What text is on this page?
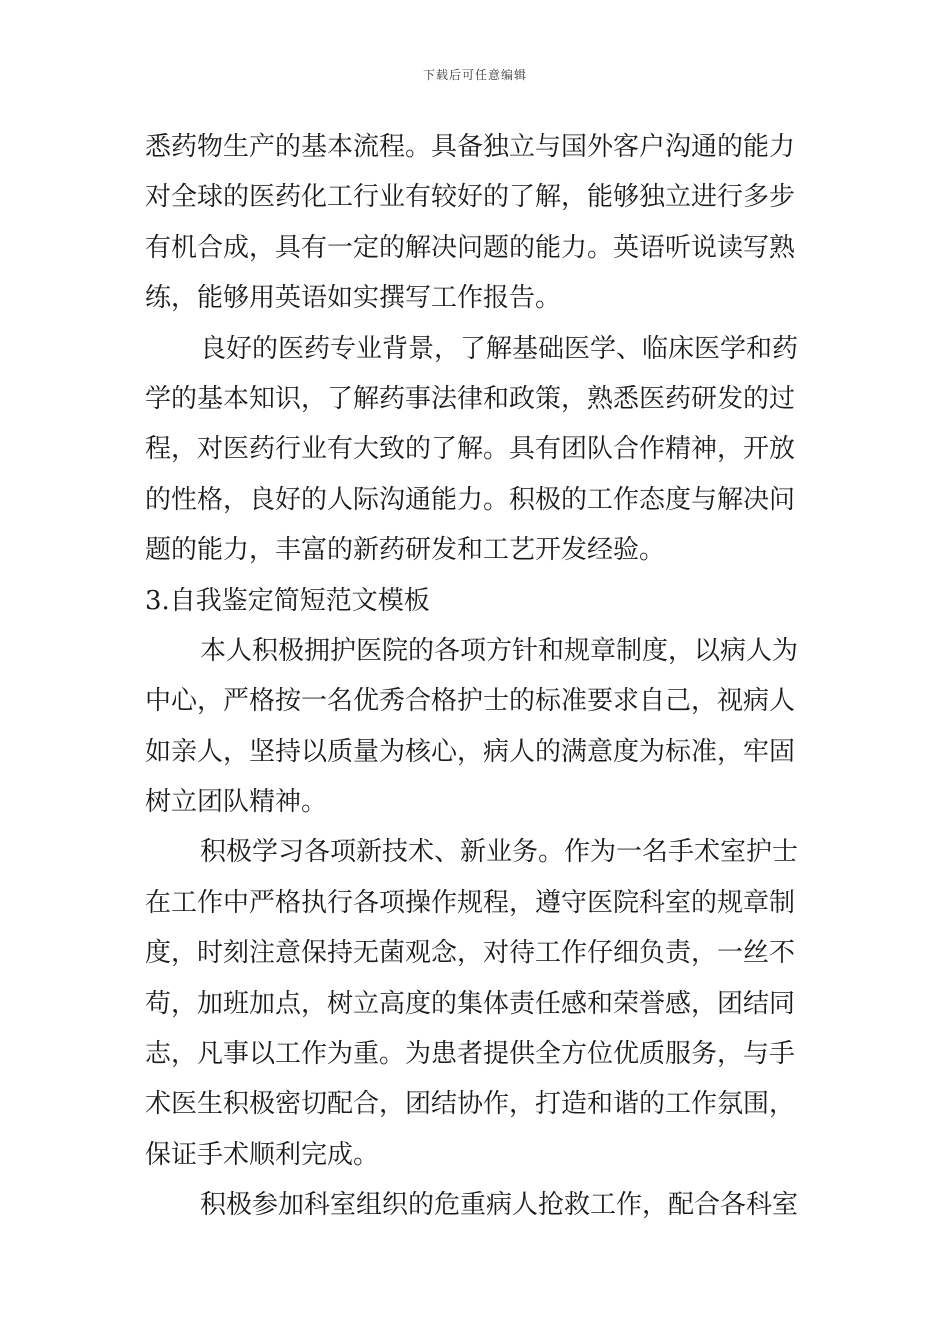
下载后可任意编辑
悉药物生产的基本流程。具备独立与国外客户沟通的能力
对全球的医药化工行业有较好的了解，能够独立进行多步
有机合成，具有一定的解决问题的能力。英语听说读写熟
练，能够用英语如实撰写工作报告。
良好的医药专业背景，了解基础医学、临床医学和药
学的基本知识，了解药事法律和政策，熟悉医药研发的过
程，对医药行业有大致的了解。具有团队合作精神，开放
的性格，良好的人际沟通能力。积极的工作态度与解决问
题的能力，丰富的新药研发和工艺开发经验。
3.自我鉴定简短范文模板
本人积极拥护医院的各项方针和规章制度，以病人为
中心，严格按一名优秀合格护士的标准要求自己，视病人
如亲人，坚持以质量为核心，病人的满意度为标准，牢固
树立团队精神。
积极学习各项新技术、新业务。作为一名手术室护士
在工作中严格执行各项操作规程，遵守医院科室的规章制
度，时刻注意保持无菌观念，对待工作仔细负责，一丝不
苟，加班加点，树立高度的集体责任感和荣誉感，团结同
志，凡事以工作为重。为患者提供全方位优质服务，与手
术医生积极密切配合，团结协作，打造和谐的工作氛围，
保证手术顺利完成。
积极参加科室组织的危重病人抢救工作，配合各科室
